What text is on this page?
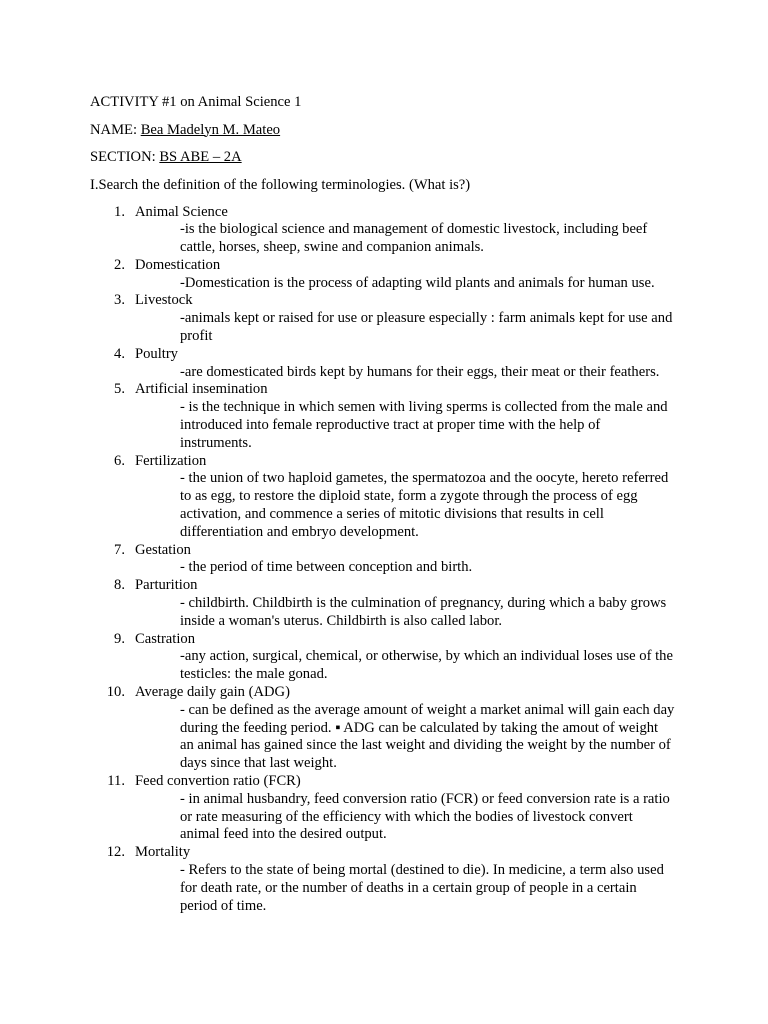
ACTIVITY #1 on Animal Science 1

NAME: Bea Madelyn M. Mateo

SECTION: BS ABE – 2A

I.Search the definition of the following terminologies. (What is?)

1. Animal Science
-is the biological science and management of domestic livestock, including beef cattle, horses, sheep, swine and companion animals.
2. Domestication
-Domestication is the process of adapting wild plants and animals for human use.
3. Livestock
-animals kept or raised for use or pleasure especially : farm animals kept for use and profit
4. Poultry
-are domesticated birds kept by humans for their eggs, their meat or their feathers.
5. Artificial insemination
- is the technique in which semen with living sperms is collected from the male and introduced into female reproductive tract at proper time with the help of instruments.
6. Fertilization
- the union of two haploid gametes, the spermatozoa and the oocyte, hereto referred to as egg, to restore the diploid state, form a zygote through the process of egg activation, and commence a series of mitotic divisions that results in cell differentiation and embryo development.
7. Gestation
- the period of time between conception and birth.
8. Parturition
- childbirth. Childbirth is the culmination of pregnancy, during which a baby grows inside a woman's uterus. Childbirth is also called labor.
9. Castration
-any action, surgical, chemical, or otherwise, by which an individual loses use of the testicles: the male gonad.
10. Average daily gain (ADG)
- can be defined as the average amount of weight a market animal will gain each day during the feeding period. ▪ ADG can be calculated by taking the amout of weight an animal has gained since the last weight and dividing the weight by the number of days since that last weight.
11. Feed convertion ratio (FCR)
- in animal husbandry, feed conversion ratio (FCR) or feed conversion rate is a ratio or rate measuring of the efficiency with which the bodies of livestock convert animal feed into the desired output.
12. Mortality
- Refers to the state of being mortal (destined to die). In medicine, a term also used for death rate, or the number of deaths in a certain group of people in a certain period of time.
